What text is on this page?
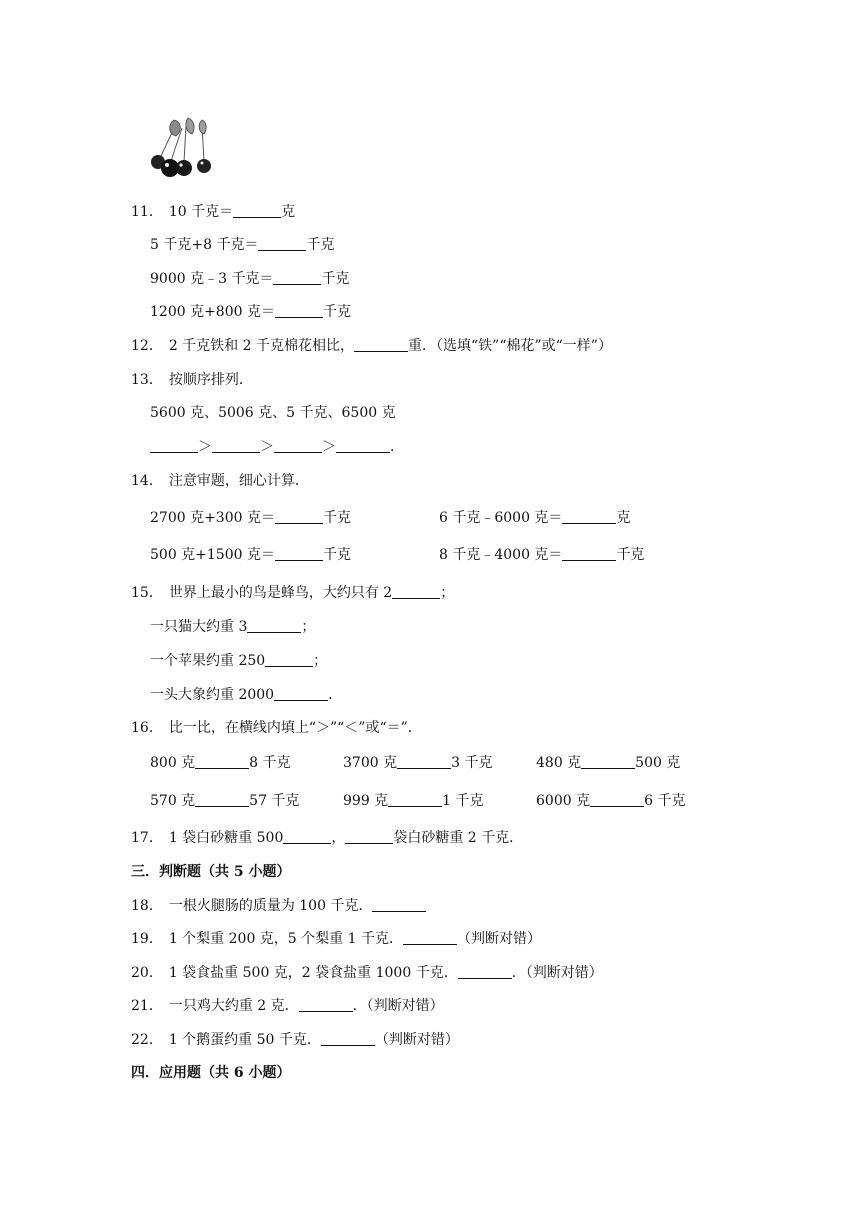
11． 10 千克＝	克
5 千克+8 千克＝	千克
9000 克﹣3 千克＝	千克
1200 克+800 克＝	千克
12． 2 千克铁和 2 千克棉花相比，	重．（选填“铁”“棉花”或“一样”）
13． 按顺序排列．
5600 克、5006 克、5 千克、6500 克
＞	＞	＞	．
14． 注意审题，细心计算．
2700 克+300 克＝	千克	6 千克﹣6000 克＝	克
500 克+1500 克＝	千克	8 千克﹣4000 克＝	千克
15． 世界上最小的鸟是蜂鸟，大约只有 2	；
一只猫大约重 3	；
一个苹果约重 250	；
一头大象约重 2000	．
16． 比一比，在横线内填上“＞”“＜”或“＝”．
800 克	8 千克	3700 克	3 千克	480 克	500 克
570 克	57 千克	999 克	1 千克	6000 克	6 千克
17． 1 袋白砂糖重 500	，	袋白砂糖重 2 千克．
三．判断题（共 5 小题）
18． 一根火腿肠的质量为 100 千克．
19． 1 个梨重 200 克，5 个梨重 1 千克．	（判断对错）
20． 1 袋食盐重 500 克，2 袋食盐重 1000 千克．	．（判断对错）
21． 一只鸡大约重 2 克．	．（判断对错）
22． 1 个鹅蛋约重 50 千克．	（判断对错）
四．应用题（共 6 小题）
